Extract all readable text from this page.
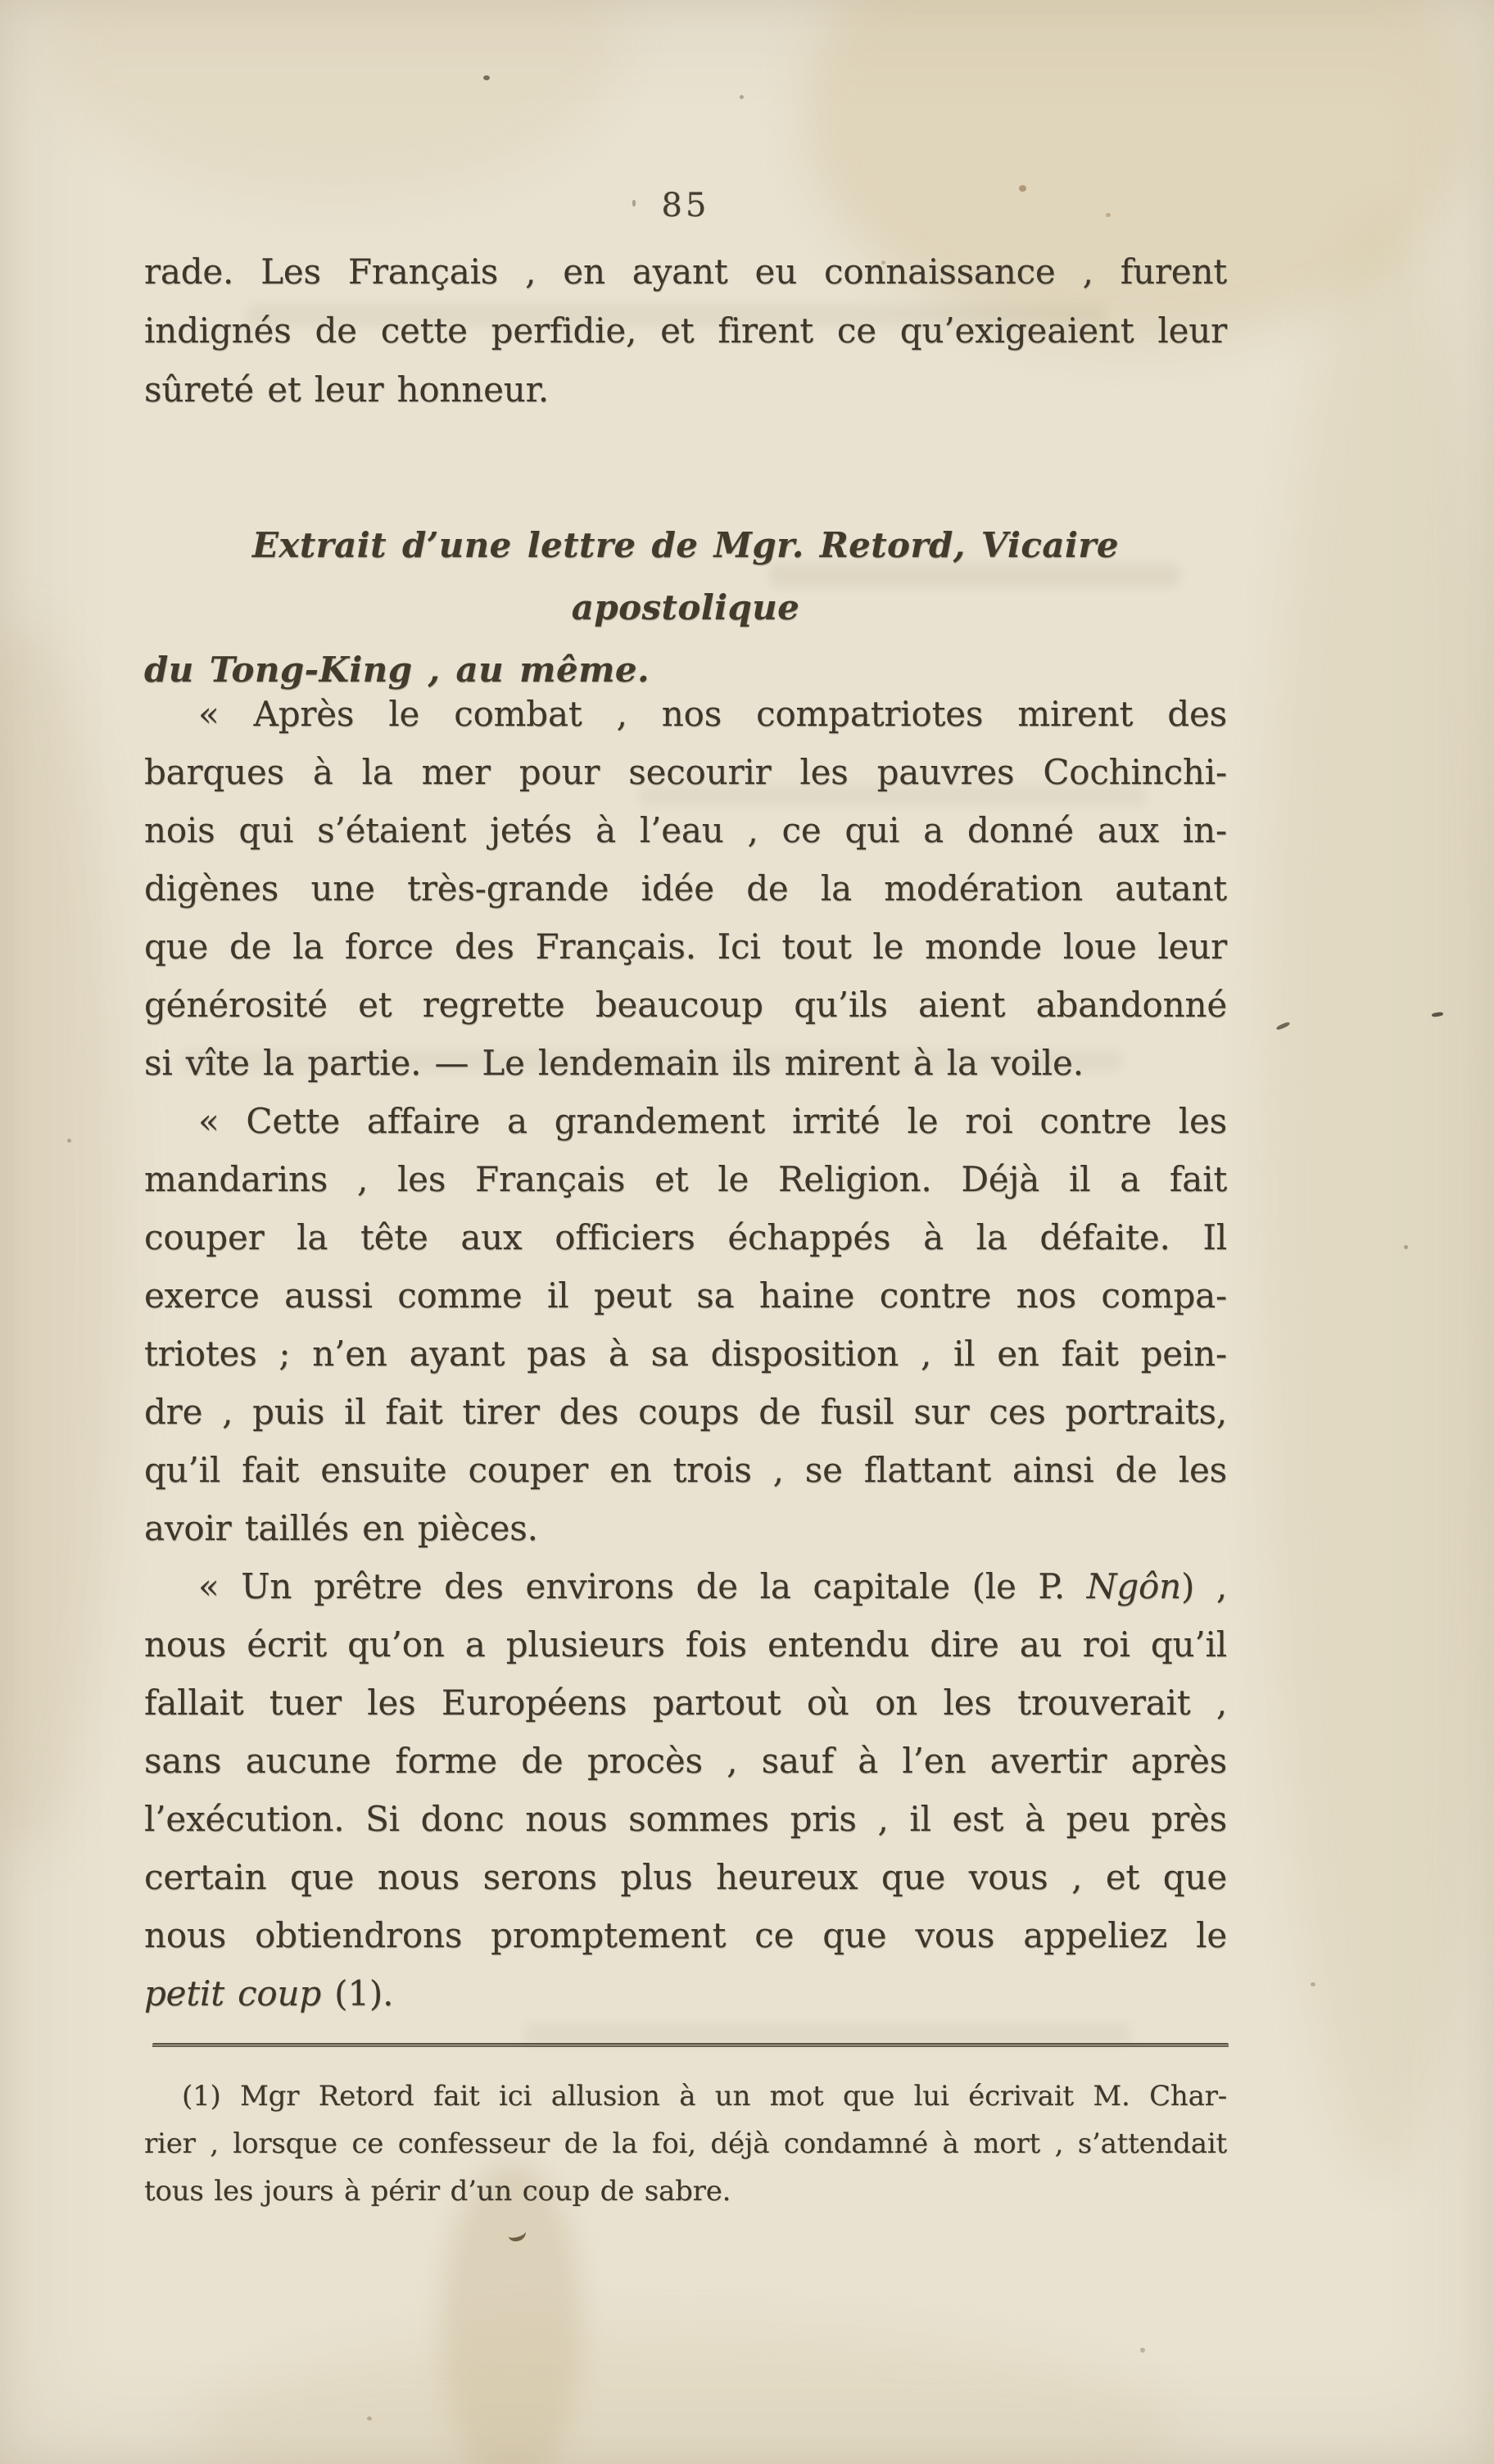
85
rade. Les Français , en ayant eu connaissance , furent
indignés de cette perfidie, et firent ce qu’exigeaient leur
sûreté et leur honneur.
Extrait d’une lettre de Mgr. Retord, Vicaire apostolique
du Tong-King , au même.
« Après le combat , nos compatriotes mirent des
barques à la mer pour secourir les pauvres Cochinchi-
nois qui s’étaient jetés à l’eau , ce qui a donné aux in-
digènes une très-grande idée de la modération autant
que de la force des Français. Ici tout le monde loue leur
générosité et regrette beaucoup qu’ils aient abandonné
si vîte la partie. — Le lendemain ils mirent à la voile.
« Cette affaire a grandement irrité le roi contre les
mandarins , les Français et le Religion. Déjà il a fait
couper la tête aux officiers échappés à la défaite. Il
exerce aussi comme il peut sa haine contre nos compa-
triotes ; n’en ayant pas à sa disposition , il en fait pein-
dre , puis il fait tirer des coups de fusil sur ces portraits,
qu’il fait ensuite couper en trois , se flattant ainsi de les
avoir taillés en pièces.
« Un prêtre des environs de la capitale (le P. Ngôn) ,
nous écrit qu’on a plusieurs fois entendu dire au roi qu’il
fallait tuer les Européens partout où on les trouverait ,
sans aucune forme de procès , sauf à l’en avertir après
l’exécution. Si donc nous sommes pris , il est à peu près
certain que nous serons plus heureux que vous , et que
nous obtiendrons promptement ce que vous appeliez le
petit coup (1).
(1) Mgr Retord fait ici allusion à un mot que lui écrivait M. Char-
rier , lorsque ce confesseur de la foi, déjà condamné à mort , s’attendait
tous les jours à périr d’un coup de sabre.
